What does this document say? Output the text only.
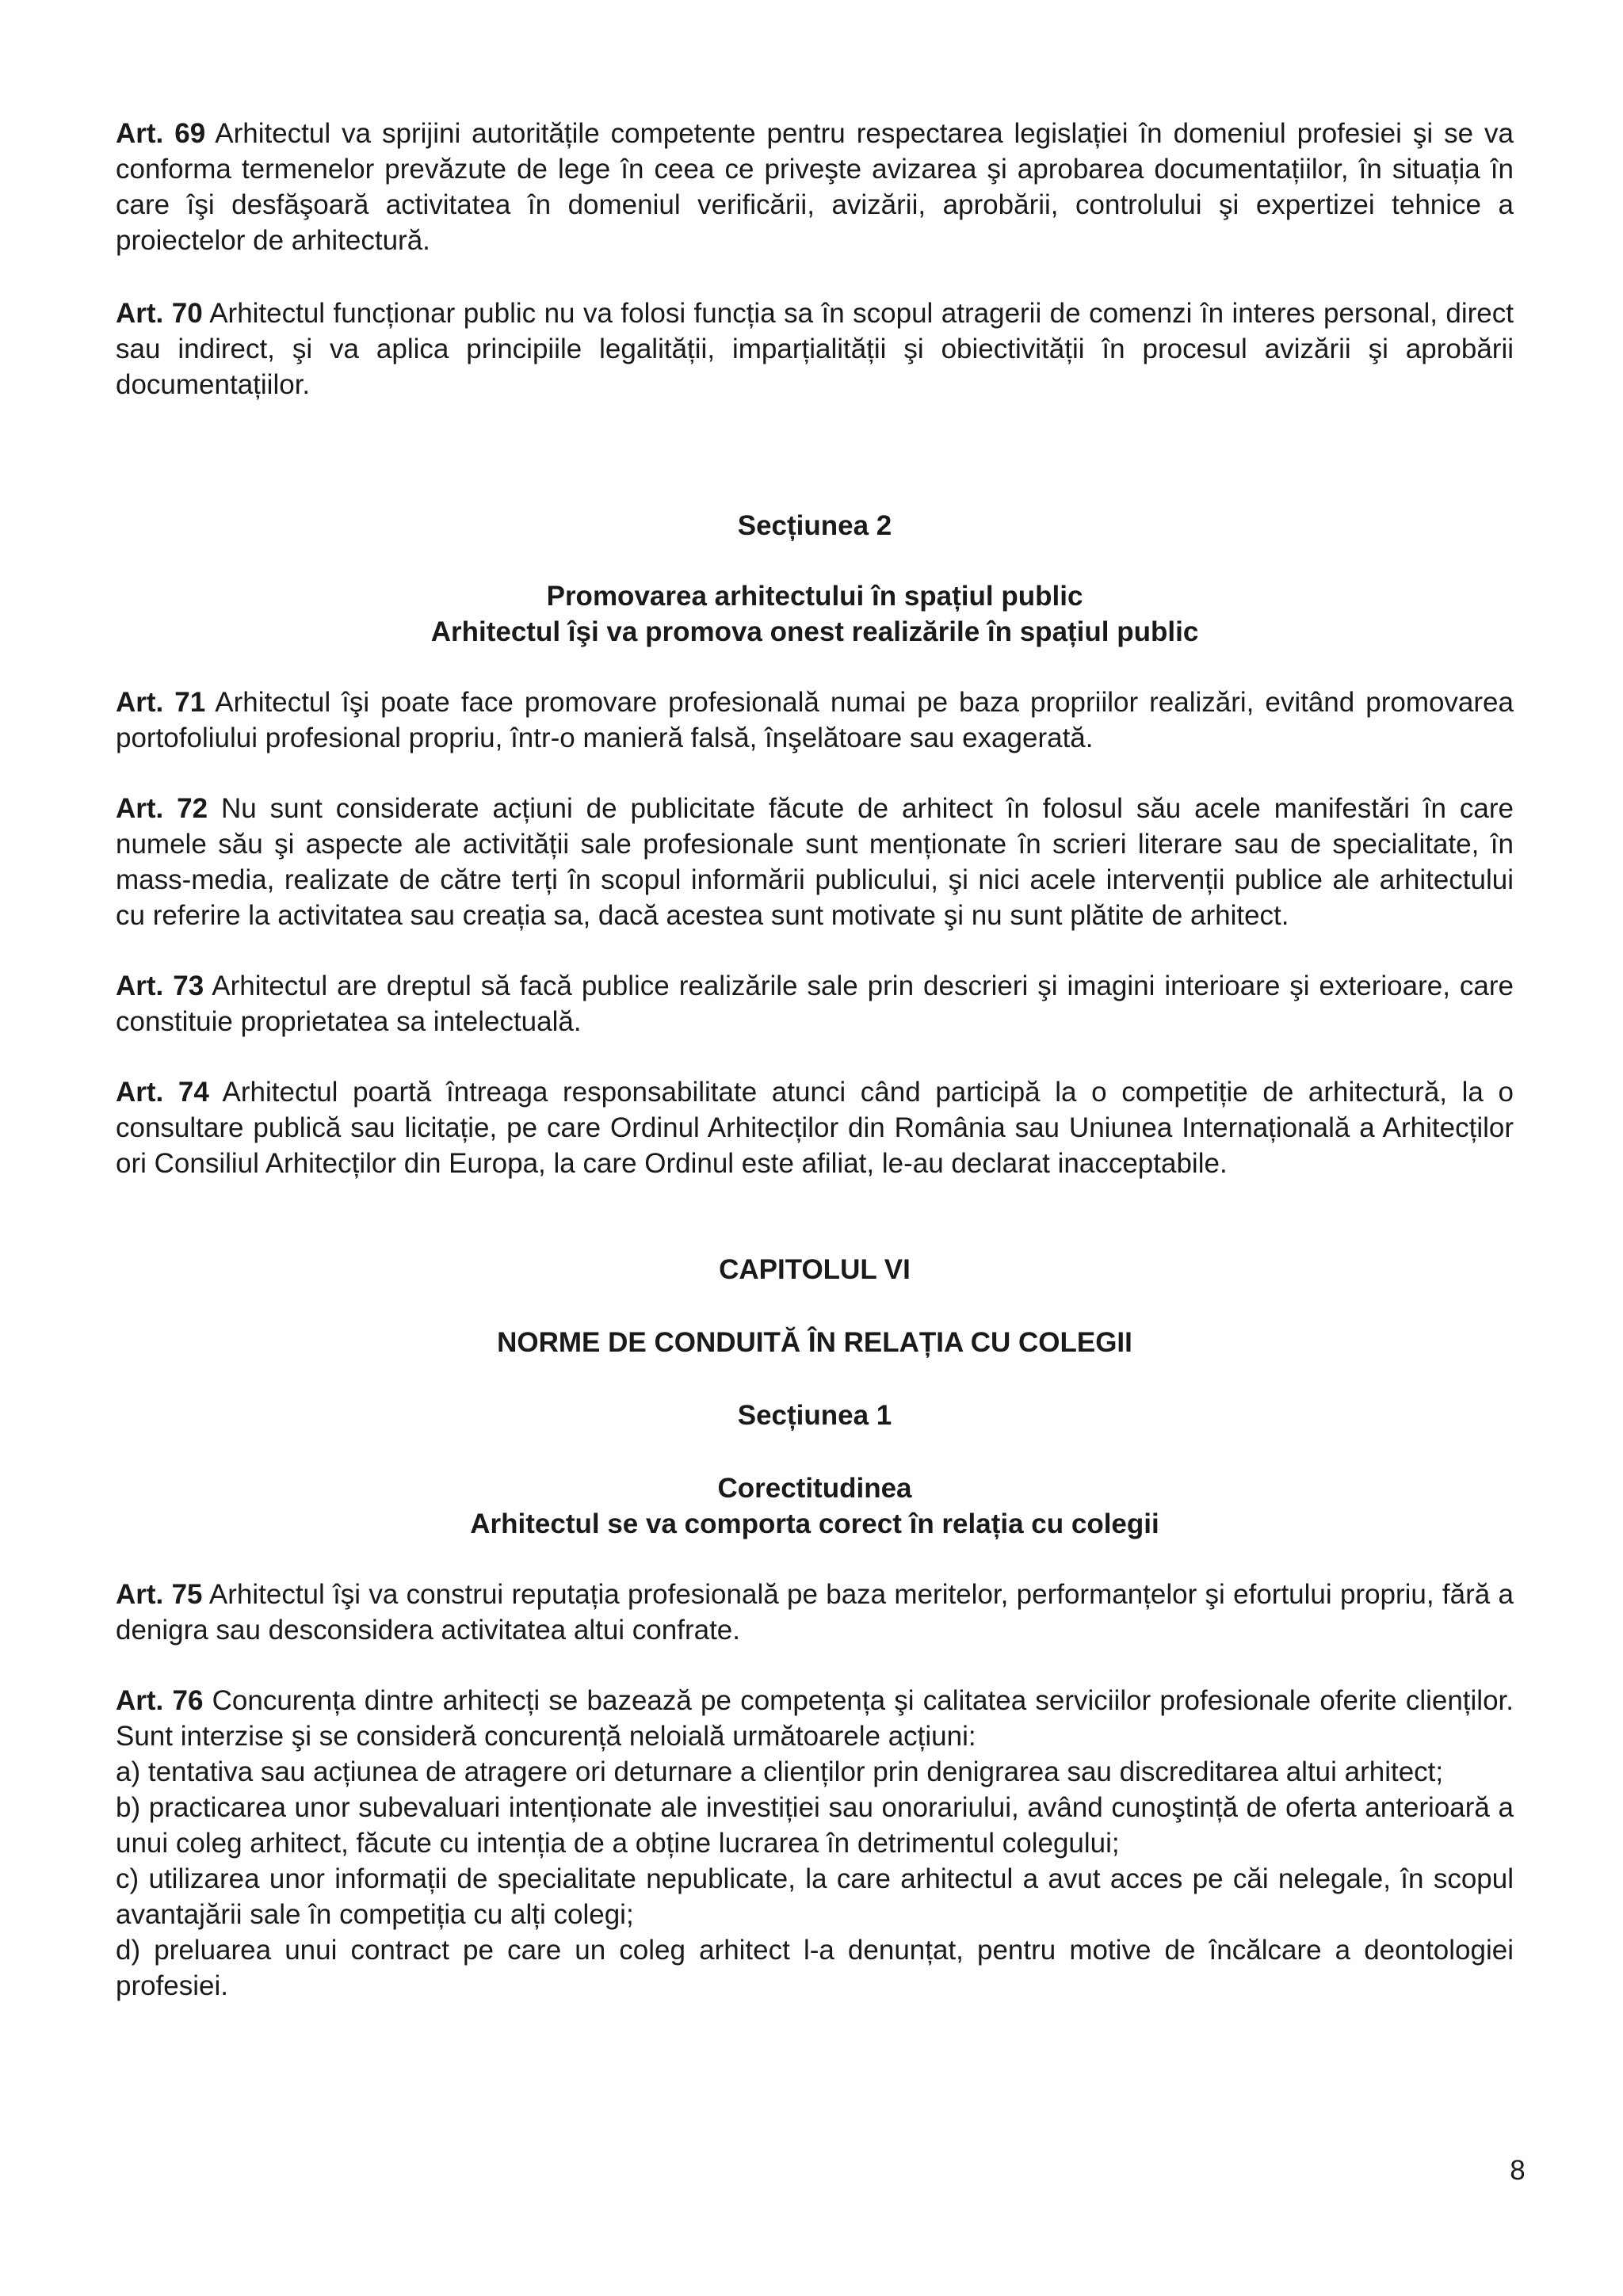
Art. 69 Arhitectul va sprijini autoritățile competente pentru respectarea legislației în domeniul profesiei şi se va conforma termenelor prevăzute de lege în ceea ce priveşte avizarea şi aprobarea documentațiilor, în situația în care îşi desfăşoară activitatea în domeniul verificării, avizării, aprobării, controlului şi expertizei tehnice a proiectelor de arhitectură.

Art. 70 Arhitectul funcționar public nu va folosi funcția sa în scopul atragerii de comenzi în interes personal, direct sau indirect, şi va aplica principiile legalității, imparțialității şi obiectivității în procesul avizării şi aprobării documentațiilor.

Secțiunea 2

Promovarea arhitectului în spațiul public

Arhitectul îşi va promova onest realizările în spațiul public

Art. 71 Arhitectul îşi poate face promovare profesională numai pe baza propriilor realizări, evitând promovarea portofoliului profesional propriu, într-o manieră falsă, înşelătoare sau exagerată.

Art. 72 Nu sunt considerate acțiuni de publicitate făcute de arhitect în folosul său acele manifestări în care numele său şi aspecte ale activității sale profesionale sunt menționate în scrieri literare sau de specialitate, în mass-media, realizate de către terți în scopul informării publicului, şi nici acele intervenții publice ale arhitectului cu referire la activitatea sau creația sa, dacă acestea sunt motivate şi nu sunt plătite de arhitect.

Art. 73 Arhitectul are dreptul să facă publice realizările sale prin descrieri şi imagini interioare şi exterioare, care constituie proprietatea sa intelectuală.

Art. 74 Arhitectul poartă întreaga responsabilitate atunci când participă la o competiție de arhitectură, la o consultare publică sau licitație, pe care Ordinul Arhitecților din România sau Uniunea Internațională a Arhitecților ori Consiliul Arhitecților din Europa, la care Ordinul este afiliat, le-au declarat inacceptabile.

CAPITOLUL VI

NORME DE CONDUITĂ ÎN RELAȚIA CU COLEGII

Secțiunea 1

Corectitudinea

Arhitectul se va comporta corect în relația cu colegii

Art. 75 Arhitectul îşi va construi reputația profesională pe baza meritelor, performanțelor şi efortului propriu, fără a denigra sau desconsidera activitatea altui confrate.

Art. 76 Concurența dintre arhitecți se bazează pe competența şi calitatea serviciilor profesionale oferite clienților. Sunt interzise şi se consideră concurență neloială următoarele acțiuni:

a) tentativa sau acțiunea de atragere ori deturnare a clienților prin denigrarea sau discreditarea altui arhitect;

b) practicarea unor subevaluari intenționate ale investiției sau onorariului, având cunoştință de oferta anterioară a unui coleg arhitect, făcute cu intenția de a obține lucrarea în detrimentul colegului;

c) utilizarea unor informații de specialitate nepublicate, la care arhitectul a avut acces pe căi nelegale, în scopul avantajării sale în competiția cu alți colegi;

d) preluarea unui contract pe care un coleg arhitect l-a denunțat, pentru motive de încălcare a deontologiei profesiei.

8
